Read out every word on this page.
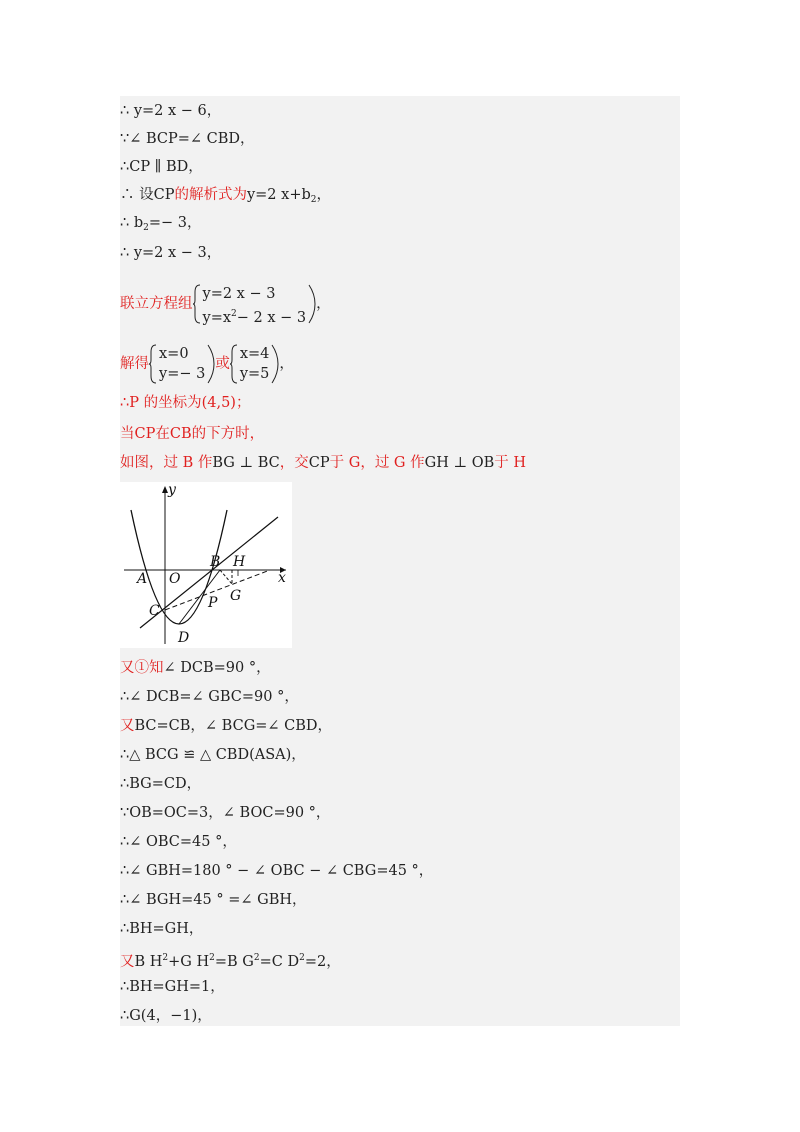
∴ y=2 x − 6，
∵∠ BCP=∠ CBD，
∴CP ∥ BD，
∴ 设CP的解析式为y=2 $x+b_2$，
∴ $b_2=- 3$，
∴ y=2 x − 3，
联立方程组
y=2 x − 3
$y=x^2- 2$ x − 3
，
解得
x=0
y=− 3
或
x=4
y=5
，
∴P 的坐标为(4,5)；
当CP在CB的下方时，
如图，过 B 作BG ⊥ BC，交CP于 G，过 G 作GH ⊥ OB于 H
y
x
A O
B H
C	P G
D
又①知∠ DCB=90 °，
∴∠ DCB=∠ GBC=90 °，
又BC=CB，∠ BCG=∠ CBD，
∴△ BCG ≌ △ CBD(ASA)，
∴BG=CD，
∵OB=OC=3，∠ BOC=90 °，
∴∠ OBC=45 °，
∴∠ GBH=180 ° − ∠ OBC − ∠ CBG=45 °，
∴∠ BGH=45 ° =∠ GBH，
∴BH=GH，
又B $H^2+G$ $H^2=B$ $G^2=C$ $D^2=2$，
∴BH=GH=1，
∴G(4，−1)，
